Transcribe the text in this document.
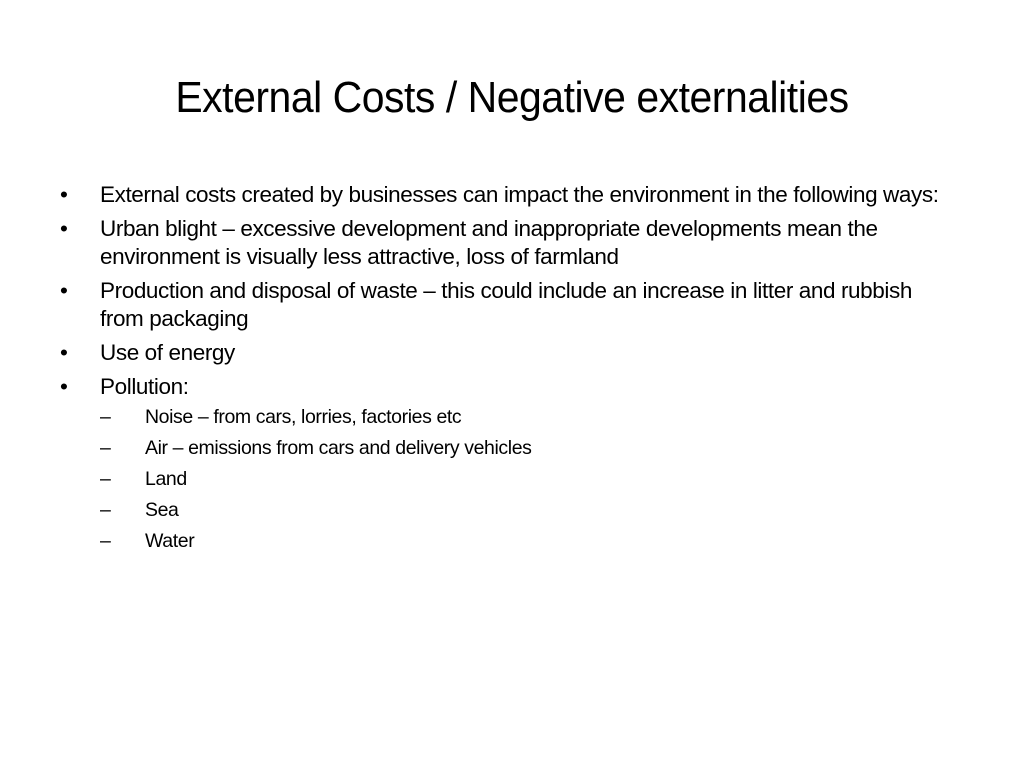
External Costs / Negative externalities
•	External costs created by businesses can impact the environment in the following ways:
•	Urban blight – excessive development and inappropriate developments mean the environment is visually less attractive, loss of farmland
•	Production and disposal of waste – this could include an increase in litter and rubbish from packaging
•	Use of energy
•	Pollution:
– Noise – from cars, lorries, factories etc
– Air – emissions from cars and delivery vehicles
– Land
– Sea
– Water
